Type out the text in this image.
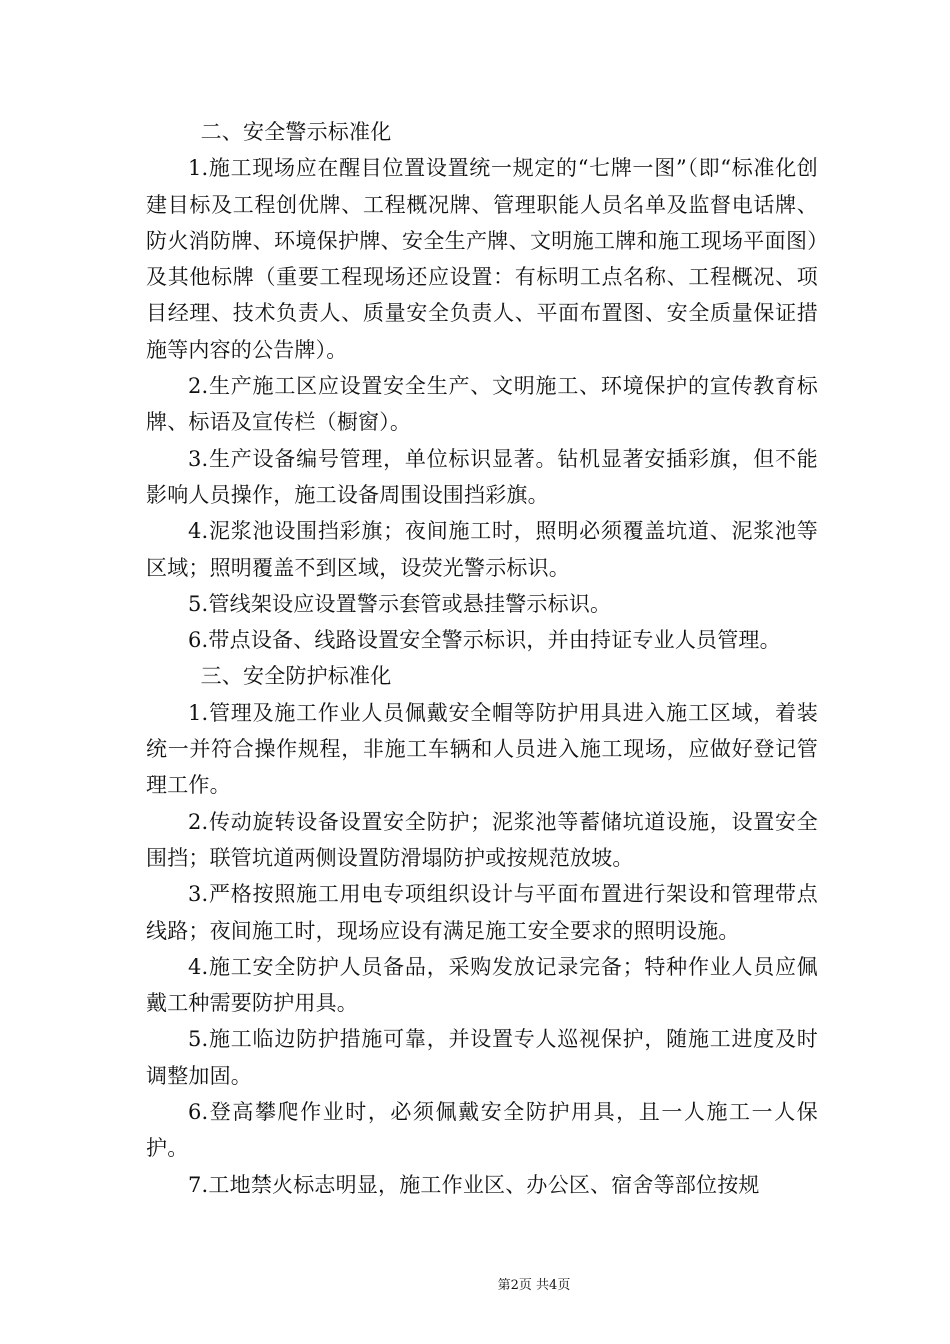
二、安全警示标准化

1.施工现场应在醒目位置设置统一规定的“七牌一图”（即“标准化创建目标及工程创优牌、工程概况牌、管理职能人员名单及监督电话牌、防火消防牌、环境保护牌、安全生产牌、文明施工牌和施工现场平面图）及其他标牌（重要工程现场还应设置：有标明工点名称、工程概况、项目经理、技术负责人、质量安全负责人、平面布置图、安全质量保证措施等内容的公告牌）。

2.生产施工区应设置安全生产、文明施工、环境保护的宣传教育标牌、标语及宣传栏（橱窗）。

3.生产设备编号管理，单位标识显著。钻机显著安插彩旗，但不能影响人员操作，施工设备周围设围挡彩旗。

4.泥浆池设围挡彩旗；夜间施工时，照明必须覆盖坑道、泥浆池等区域；照明覆盖不到区域，设荧光警示标识。

5.管线架设应设置警示套管或悬挂警示标识。

6.带点设备、线路设置安全警示标识，并由持证专业人员管理。

三、安全防护标准化

1.管理及施工作业人员佩戴安全帽等防护用具进入施工区域，着装统一并符合操作规程，非施工车辆和人员进入施工现场，应做好登记管理工作。

2.传动旋转设备设置安全防护；泥浆池等蓄储坑道设施，设置安全围挡；联管坑道两侧设置防滑塌防护或按规范放坡。

3.严格按照施工用电专项组织设计与平面布置进行架设和管理带点线路；夜间施工时，现场应设有满足施工安全要求的照明设施。

4.施工安全防护人员备品，采购发放记录完备；特种作业人员应佩戴工种需要防护用具。

5.施工临边防护措施可靠，并设置专人巡视保护，随施工进度及时调整加固。

6.登高攀爬作业时，必须佩戴安全防护用具，且一人施工一人保护。

7.工地禁火标志明显，施工作业区、办公区、宿舍等部位按规

第2页 共4页
